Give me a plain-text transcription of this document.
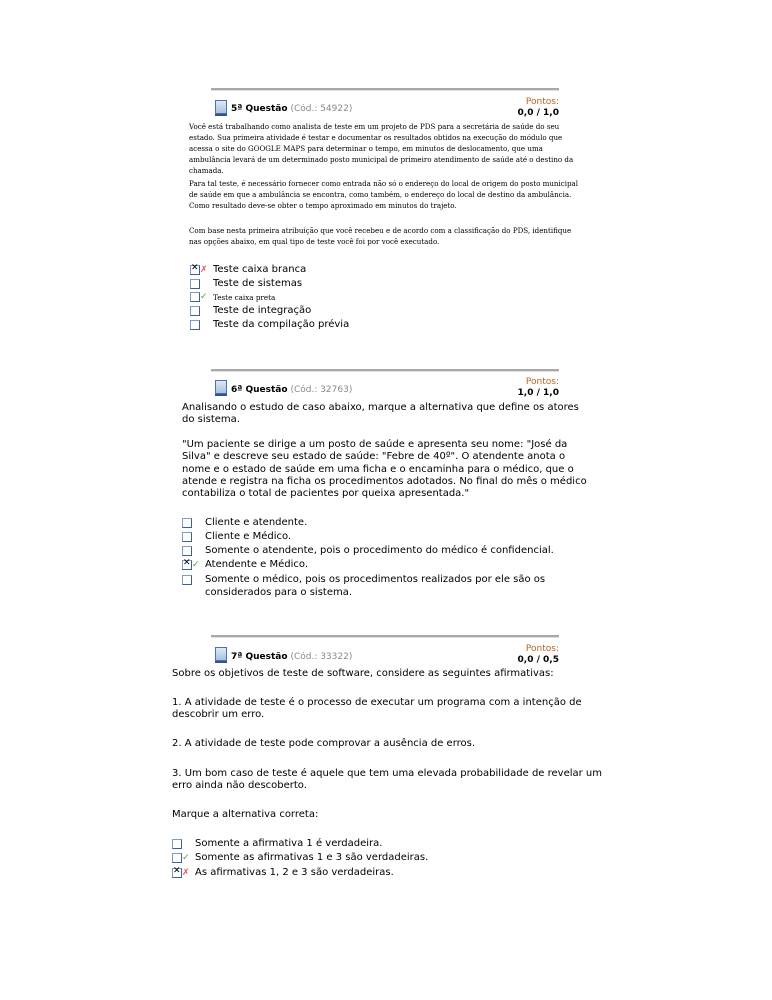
5ª Questão (Cód.: 54922)
Pontos:
0,0 / 1,0
Você está trabalhando como analista de teste em um projeto de PDS para a secretária de saúde do seu estado. Sua primeira atividade é testar e documentar os resultados obtidos na execução do módulo que acessa o site do GOOGLE MAPS para determinar o tempo, em minutos de deslocamento, que uma ambulância levará de um determinado posto municipal de primeiro atendimento de saúde até o destino da chamada.
Para tal teste, é necessário fornecer como entrada não só o endereço do local de origem do posto municipal de saúde em que a ambulância se encontra, como também, o endereço do local de destino da ambulância. Como resultado deve-se obter o tempo aproximado em minutos do trajeto.
Com base nesta primeira atribuição que você recebeu e de acordo com a classificação do PDS, identifique nas opções abaixo, em qual tipo de teste você foi por você executado.
✕
✗ Teste caixa branca
Teste de sistemas
✓ Teste caixa preta
Teste de integração
Teste da compilação prévia
6ª Questão (Cód.: 32763)
Pontos:
1,0 / 1,0
Analisando o estudo de caso abaixo, marque a alternativa que define os atores do sistema.
"Um paciente se dirige a um posto de saúde e apresenta seu nome: "José da Silva" e descreve seu estado de saúde: "Febre de 40º". O atendente anota o nome e o estado de saúde em uma ficha e o encaminha para o médico, que o atende e registra na ficha os procedimentos adotados. No final do mês o médico contabiliza o total de pacientes por queixa apresentada."
Cliente e atendente.
Cliente e Médico.
Somente o atendente, pois o procedimento do médico é confidencial.
✕
✓ Atendente e Médico.
Somente o médico, pois os procedimentos realizados por ele são os
considerados para o sistema.
7ª Questão (Cód.: 33322)
Pontos:
0,0 / 0,5
Sobre os objetivos de teste de software, considere as seguintes afirmativas:
1. A atividade de teste é o processo de executar um programa com a intenção de descobrir um erro.
2. A atividade de teste pode comprovar a ausência de erros.
3. Um bom caso de teste é aquele que tem uma elevada probabilidade de revelar um erro ainda não descoberto.
Marque a alternativa correta:
Somente a afirmativa 1 é verdadeira.
✓ Somente as afirmativas 1 e 3 são verdadeiras.
✕
✗ As afirmativas 1, 2 e 3 são verdadeiras.
